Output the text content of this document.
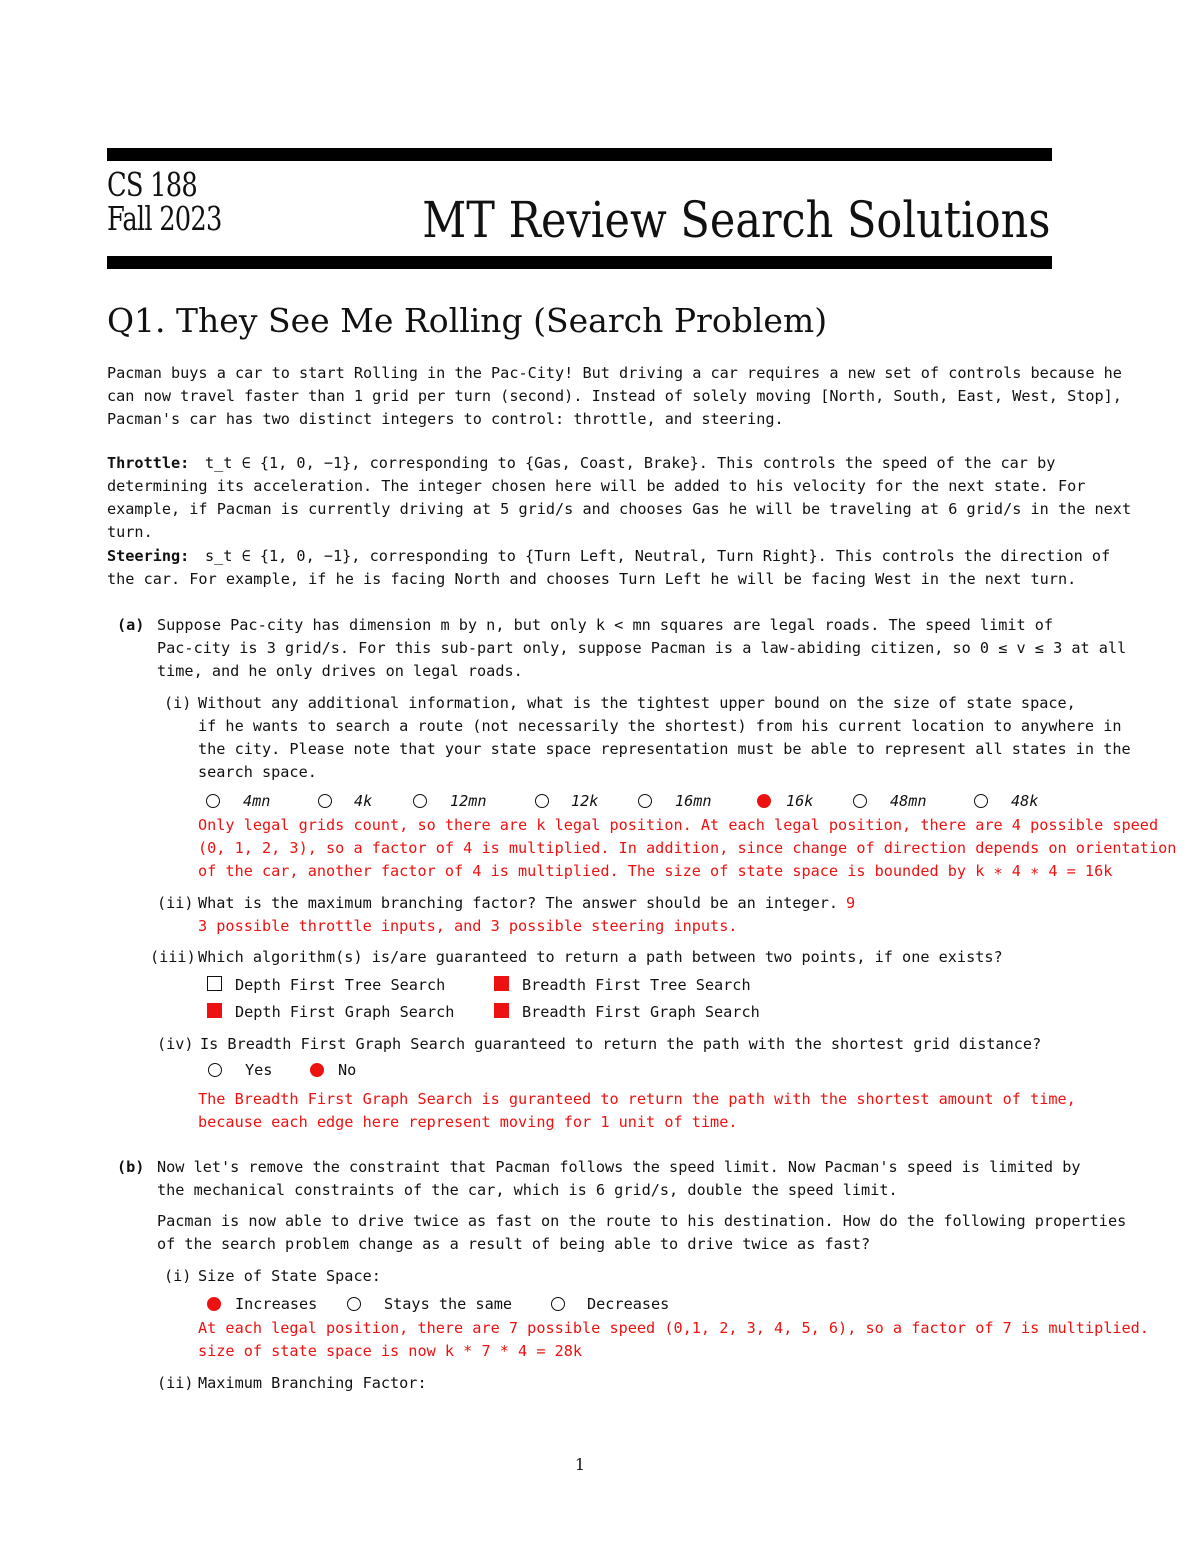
CS 188
Fall 2023	MT Review Search Solutions
Q1. They See Me Rolling (Search Problem)
Pacman buys a car to start Rolling in the Pac-City! But driving a car requires a new set of controls because he
can now travel faster than 1 grid per turn (second). Instead of solely moving [North, South, East, West, Stop],
Pacman's car has two distinct integers to control: throttle, and steering.
Throttle: t_t ∈ {1, 0, −1}, corresponding to {Gas, Coast, Brake}. This controls the speed of the car by
determining its acceleration. The integer chosen here will be added to his velocity for the next state. For
example, if Pacman is currently driving at 5 grid/s and chooses Gas he will be traveling at 6 grid/s in the next
turn.
Steering: s_t ∈ {1, 0, −1}, corresponding to {Turn Left, Neutral, Turn Right}. This controls the direction of
the car. For example, if he is facing North and chooses Turn Left he will be facing West in the next turn.
(a) Suppose Pac-city has dimension m by n, but only k < mn squares are legal roads. The speed limit of
Pac-city is 3 grid/s. For this sub-part only, suppose Pacman is a law-abiding citizen, so 0 ≤ v ≤ 3 at all
time, and he only drives on legal roads.
(i) Without any additional information, what is the tightest upper bound on the size of state space,
if he wants to search a route (not necessarily the shortest) from his current location to anywhere in
the city. Please note that your state space representation must be able to represent all states in the
search space.
4mn	4k	12mn	12k	16mn	16k	48mn	48k
Only legal grids count, so there are k legal position. At each legal position, there are 4 possible speed
(0, 1, 2, 3), so a factor of 4 is multiplied. In addition, since change of direction depends on orientation
of the car, another factor of 4 is multiplied. The size of state space is bounded by k ∗ 4 ∗ 4 = 16k
(ii) What is the maximum branching factor? The answer should be an integer. 9
3 possible throttle inputs, and 3 possible steering inputs.
(iii) Which algorithm(s) is/are guaranteed to return a path between two points, if one exists?
Depth First Tree Search	Breadth First Tree Search
Depth First Graph Search	Breadth First Graph Search
(iv) Is Breadth First Graph Search guaranteed to return the path with the shortest grid distance?
Yes	No
The Breadth First Graph Search is guranteed to return the path with the shortest amount of time,
because each edge here represent moving for 1 unit of time.
(b) Now let's remove the constraint that Pacman follows the speed limit. Now Pacman's speed is limited by
the mechanical constraints of the car, which is 6 grid/s, double the speed limit.
Pacman is now able to drive twice as fast on the route to his destination. How do the following properties
of the search problem change as a result of being able to drive twice as fast?
(i) Size of State Space:
Increases	Stays the same	Decreases
At each legal position, there are 7 possible speed (0,1, 2, 3, 4, 5, 6), so a factor of 7 is multiplied.
size of state space is now k * 7 * 4 = 28k
(ii) Maximum Branching Factor:
1
